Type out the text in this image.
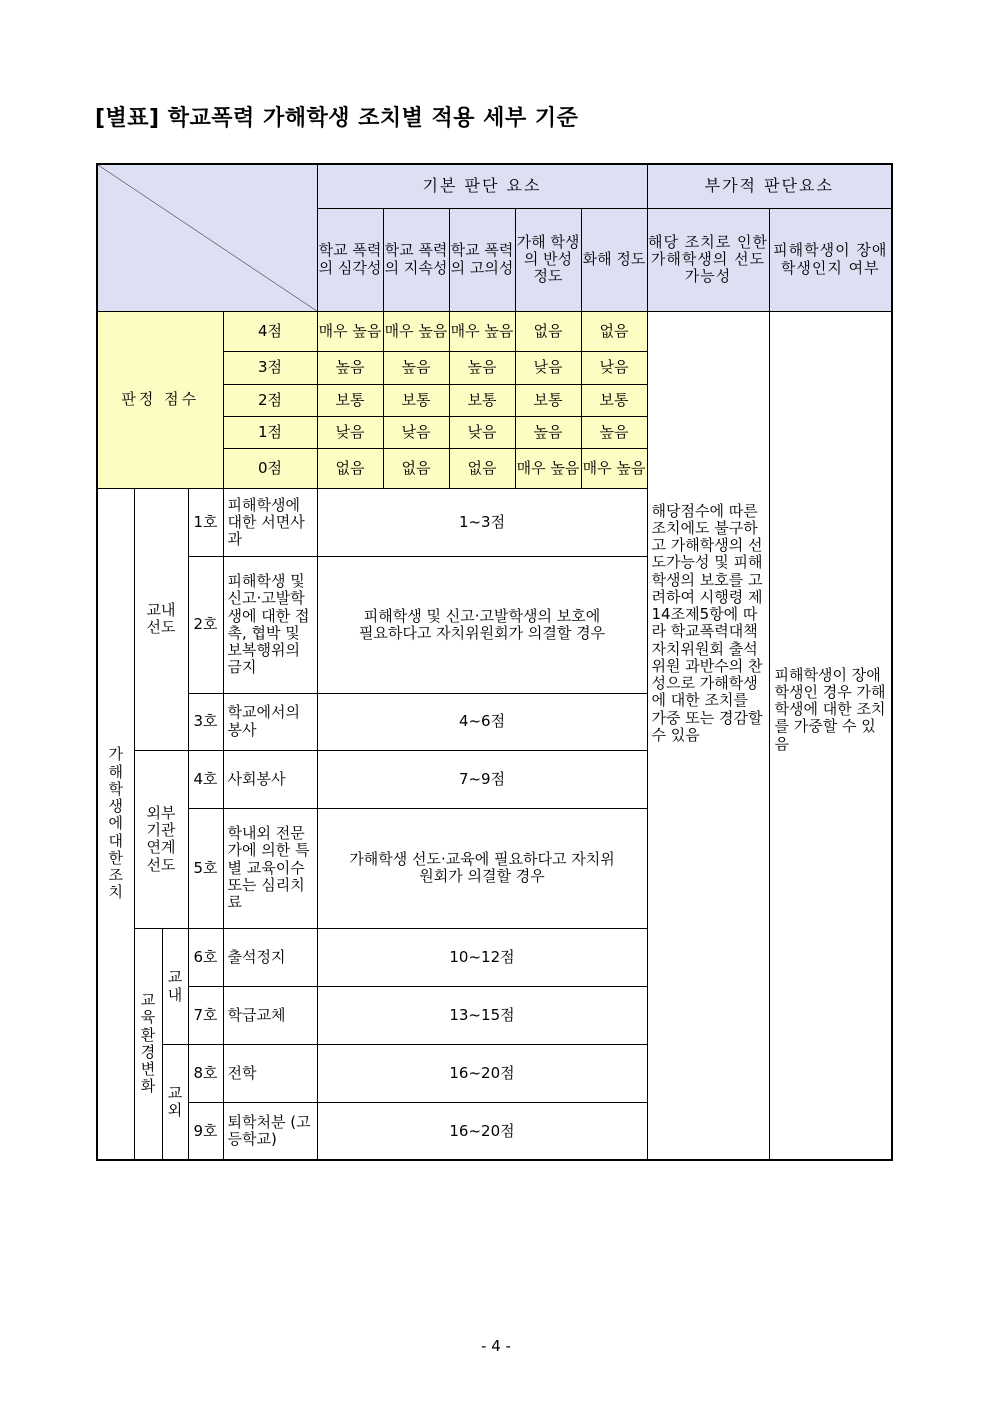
[별표] 학교폭력 가해학생 조치별 적용 세부 기준
	기본 판단 요소					부가적 판단요소	
					학교 폭력의 심각성	학교 폭력의 지속성	학교 폭력의 고의성	가해 학생의 반성 정도	화해 정도	해당 조치로 인한 가해학생의 선도가능성	피해학생이 장애학생인지 여부
판정 점수				4점	매우 높음	매우 높음	매우 높음	없음	없음		
				3점	높음	높음	높음	낮음	낮음		
				2점	보통	보통	보통	보통	보통		
				1점	낮음	낮음	낮음	높음	높음		
				0점	없음	없음	없음	매우 높음	매우 높음		

가해학생에 대한 조치	교내 선도		1호	피해학생에 대한 서면사과	1~3점					해당점수에 따른 조치에도 불구하고 가해학생의 선도가능성 및 피해학생의 보호를 고려하여 시행령 제14조제5항에 따라 학교폭력대책자치위원회 출석위원 과반수의 찬성으로 가해학생에 대한 조치를 가중 또는 경감할 수 있음	피해학생이 장애학생인 경우 가해학생에 대한 조치를 가중할 수 있음

			2호	피해학생 및 신고·고발학생에 대한 접촉, 협박 및 보복행위의 금지	피해학생 및 신고·고발학생의 보호에 필요하다고 자치위원회가 의결할 경우						

			3호	학교에서의 봉사	4~6점						

	외부 기관 연계 선도		4호	사회봉사	7~9점						
			5호	학내외 전문가에 의한 특별 교육이수 또는 심리치료	가해학생 선도·교육에 필요하다고 자치위원회가 의결할 경우						

	교육환경변화	교내	6호	출석정지	10~12점						
			7호	학급교체	13~15점						

		교외	8호	전학	16~20점						
			9호	퇴학처분 (고등학교)	16~20점						
- 4 -
